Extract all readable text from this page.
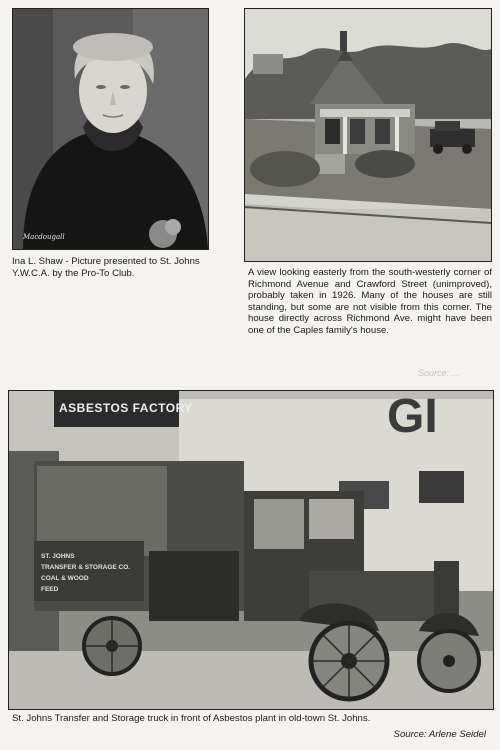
Macdougall

Ina L. Shaw - Picture presented to St. Johns Y.W.C.A. by the Pro-To Club.	A view looking easterly from the south-westerly corner of Richmond Avenue and Crawford Street (unimproved), probably taken in 1926. Many of the houses are still standing, but some are not visible from this corner. The house directly across Richmond Ave. might have been one of the Caples family's house.

Source: ...
ASBESTOS FACTORY	GI
ST. JOHNS
TRANSFER & STORAGE CO.
COAL & WOOD
FEED

St. Johns Transfer and Storage truck in front of Asbestos plant in old-town St. Johns.

Source: Arlene Seidel
